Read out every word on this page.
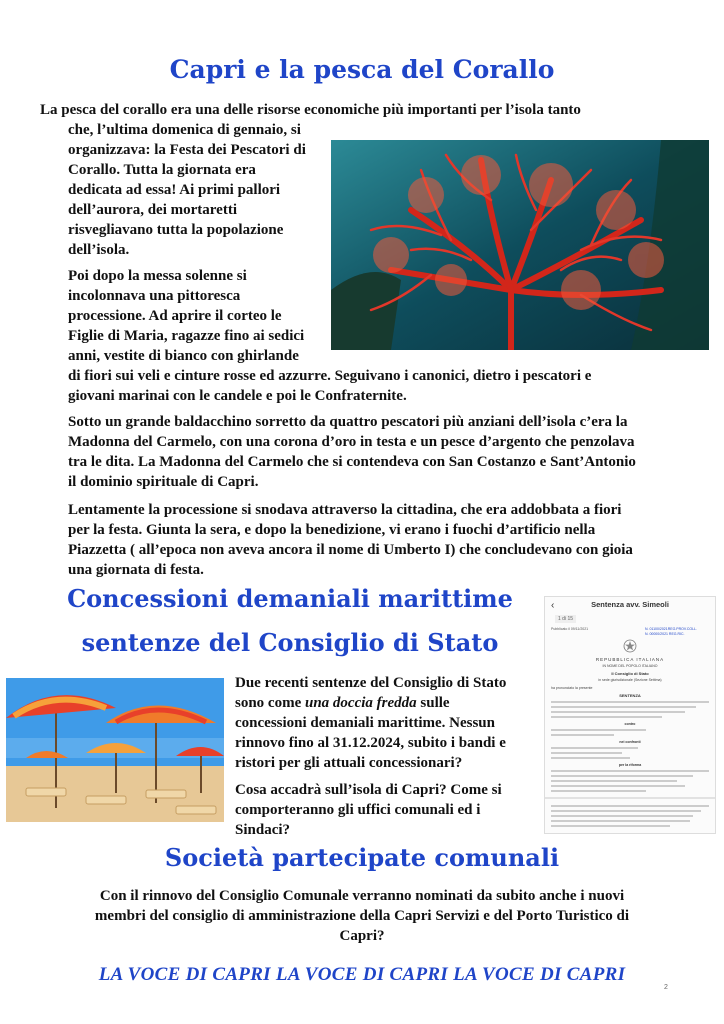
Capri e la pesca del Corallo

La pesca del corallo era una delle risorse economiche più importanti per l’isola tanto

che, l’ultima domenica di gennaio, si

organizzava: la Festa dei Pescatori di

Corallo. Tutta la giornata era

dedicata ad essa! Ai primi pallori

dell’aurora, dei mortaretti

risvegliavano tutta la popolazione

dell’isola.

Poi dopo la messa solenne si

incolonnava una pittoresca

processione. Ad aprire il corteo le

Figlie di Maria, ragazze fino ai sedici

anni, vestite di bianco con ghirlande

di fiori sui veli e cinture rosse ed azzurre. Seguivano i canonici, dietro i pescatori e

giovani marinai con le candele e poi le Confraternite.

Sotto un grande baldacchino sorretto da quattro pescatori più anziani dell’isola c’era la

Madonna del Carmelo, con una corona d’oro in testa e un pesce d’argento che penzolava

tra le dita. La Madonna del Carmelo che si contendeva con San Costanzo e Sant’Antonio

il dominio spirituale di Capri.

Lentamente la processione si snodava attraverso la cittadina, che era addobbata a fiori

per la festa. Giunta la sera, e dopo la benedizione, vi erano i fuochi d’artificio nella

Piazzetta ( all’epoca non aveva ancora il nome di Umberto I) che concludevano con gioia

una giornata di festa.

Concessioni demaniali marittime
sentenze del Consiglio di Stato

Due recenti sentenze del Consiglio di Stato

sono come una doccia fredda sulle

concessioni demaniali marittime. Nessun

rinnovo fino al 31.12.2024, subito i bandi e

ristori per gli attuali concessionari?

Cosa accadrà sull’isola di Capri? Come si

comporteranno gli uffici comunali ed i

Sindaci?

‹	Sentenza avv. Simeoli
1 di 15
Pubblicato il 09/11/2021	N. 01100/2021REG.PROV.COLL.
N. 00000/2021 REG.RIC.
REPUBBLICA ITALIANA
IN NOME DEL POPOLO ITALIANO
Il Consiglio di Stato
in sede giurisdizionale (Sezione Settima)
ha pronunciato la presente
SENTENZA
contro
nei confronti
per la riforma
Società partecipate comunali

Con il rinnovo del Consiglio Comunale verranno nominati da subito anche i nuovi

membri del consiglio di amministrazione della Capri Servizi e del Porto Turistico di

Capri?

LA VOCE DI CAPRI LA VOCE DI CAPRI LA VOCE DI CAPRI
2
